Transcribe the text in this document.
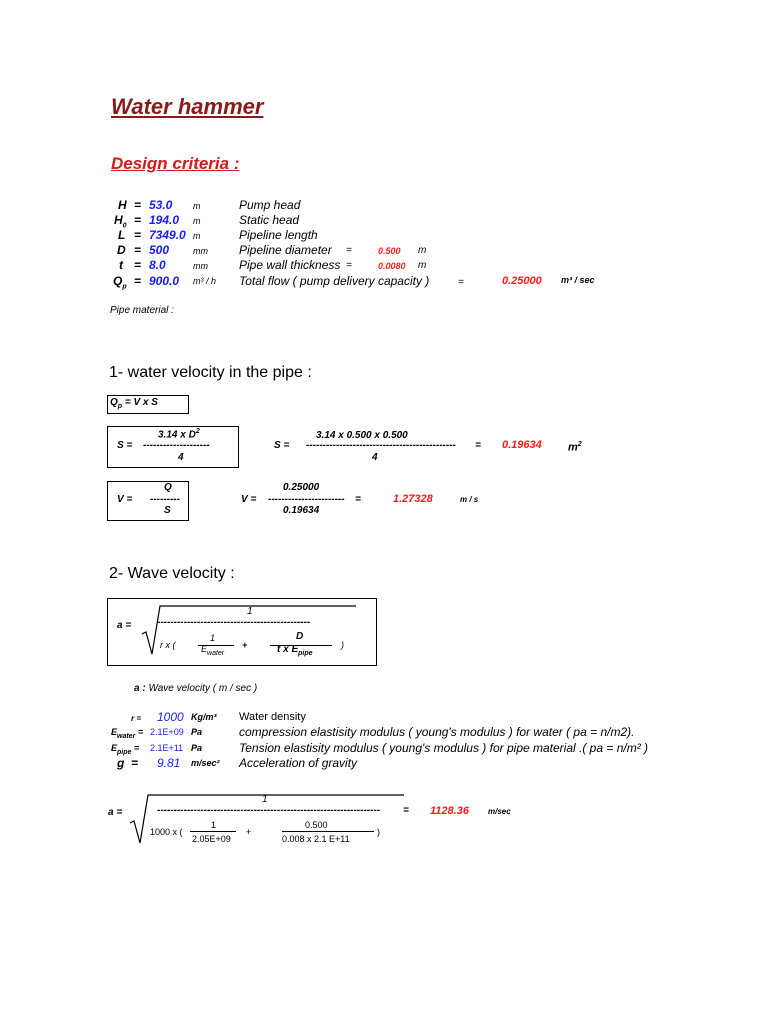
Water hammer
Design criteria :
H = 53.0 m	Pump head
$H_0 = 194.0$ m	Static head
L = 7349.0 m	Pipeline length
D = 500	mm	Pipeline diameter =	0.500 m
t = 8.0	mm	Pipe wall thickness =	0.0080 m
$Q_p = 900.0$ m³ / h Total flow ( pump delivery capacity )	=	0.25000 m³ / sec
Pipe material :
1- water velocity in the pipe :
$Q_p = V$ x S
S =
3.14 x $D^2$
--------------------
4
S =
3.14 x 0.500 x 0.500
---------------------------------------------
4
= 0.19634 $m^2$
V =
Q
---------
S
V =
0.25000
-----------------------
0.19634
=	1.27328	m / s
2- Wave velocity :
a =
1
----------------------------------------------
r x (
1
$E_{water}$
+
D
t x $E_{pipe}$
)
a : Wave velocity ( m / sec )
r = 1000 Kg/m³ Water density
$E_{water} = 2.1E+09$ Pa	compression elastisity modulus ( young's modulus ) for water ( pa = n/m2).
$E_{pipe} = 2.1E+11$ Pa	Tension elastisity modulus ( young's modulus ) for pipe material .( pa = n/m² )
g  = 9.81 m/sec² Acceleration of gravity
a =
1
------------------------------------------------------------------- = 1128.36 m/sec
1000 x (
1
2.05E+09
+
0.500
0.008 x 2.1 E+11
)
